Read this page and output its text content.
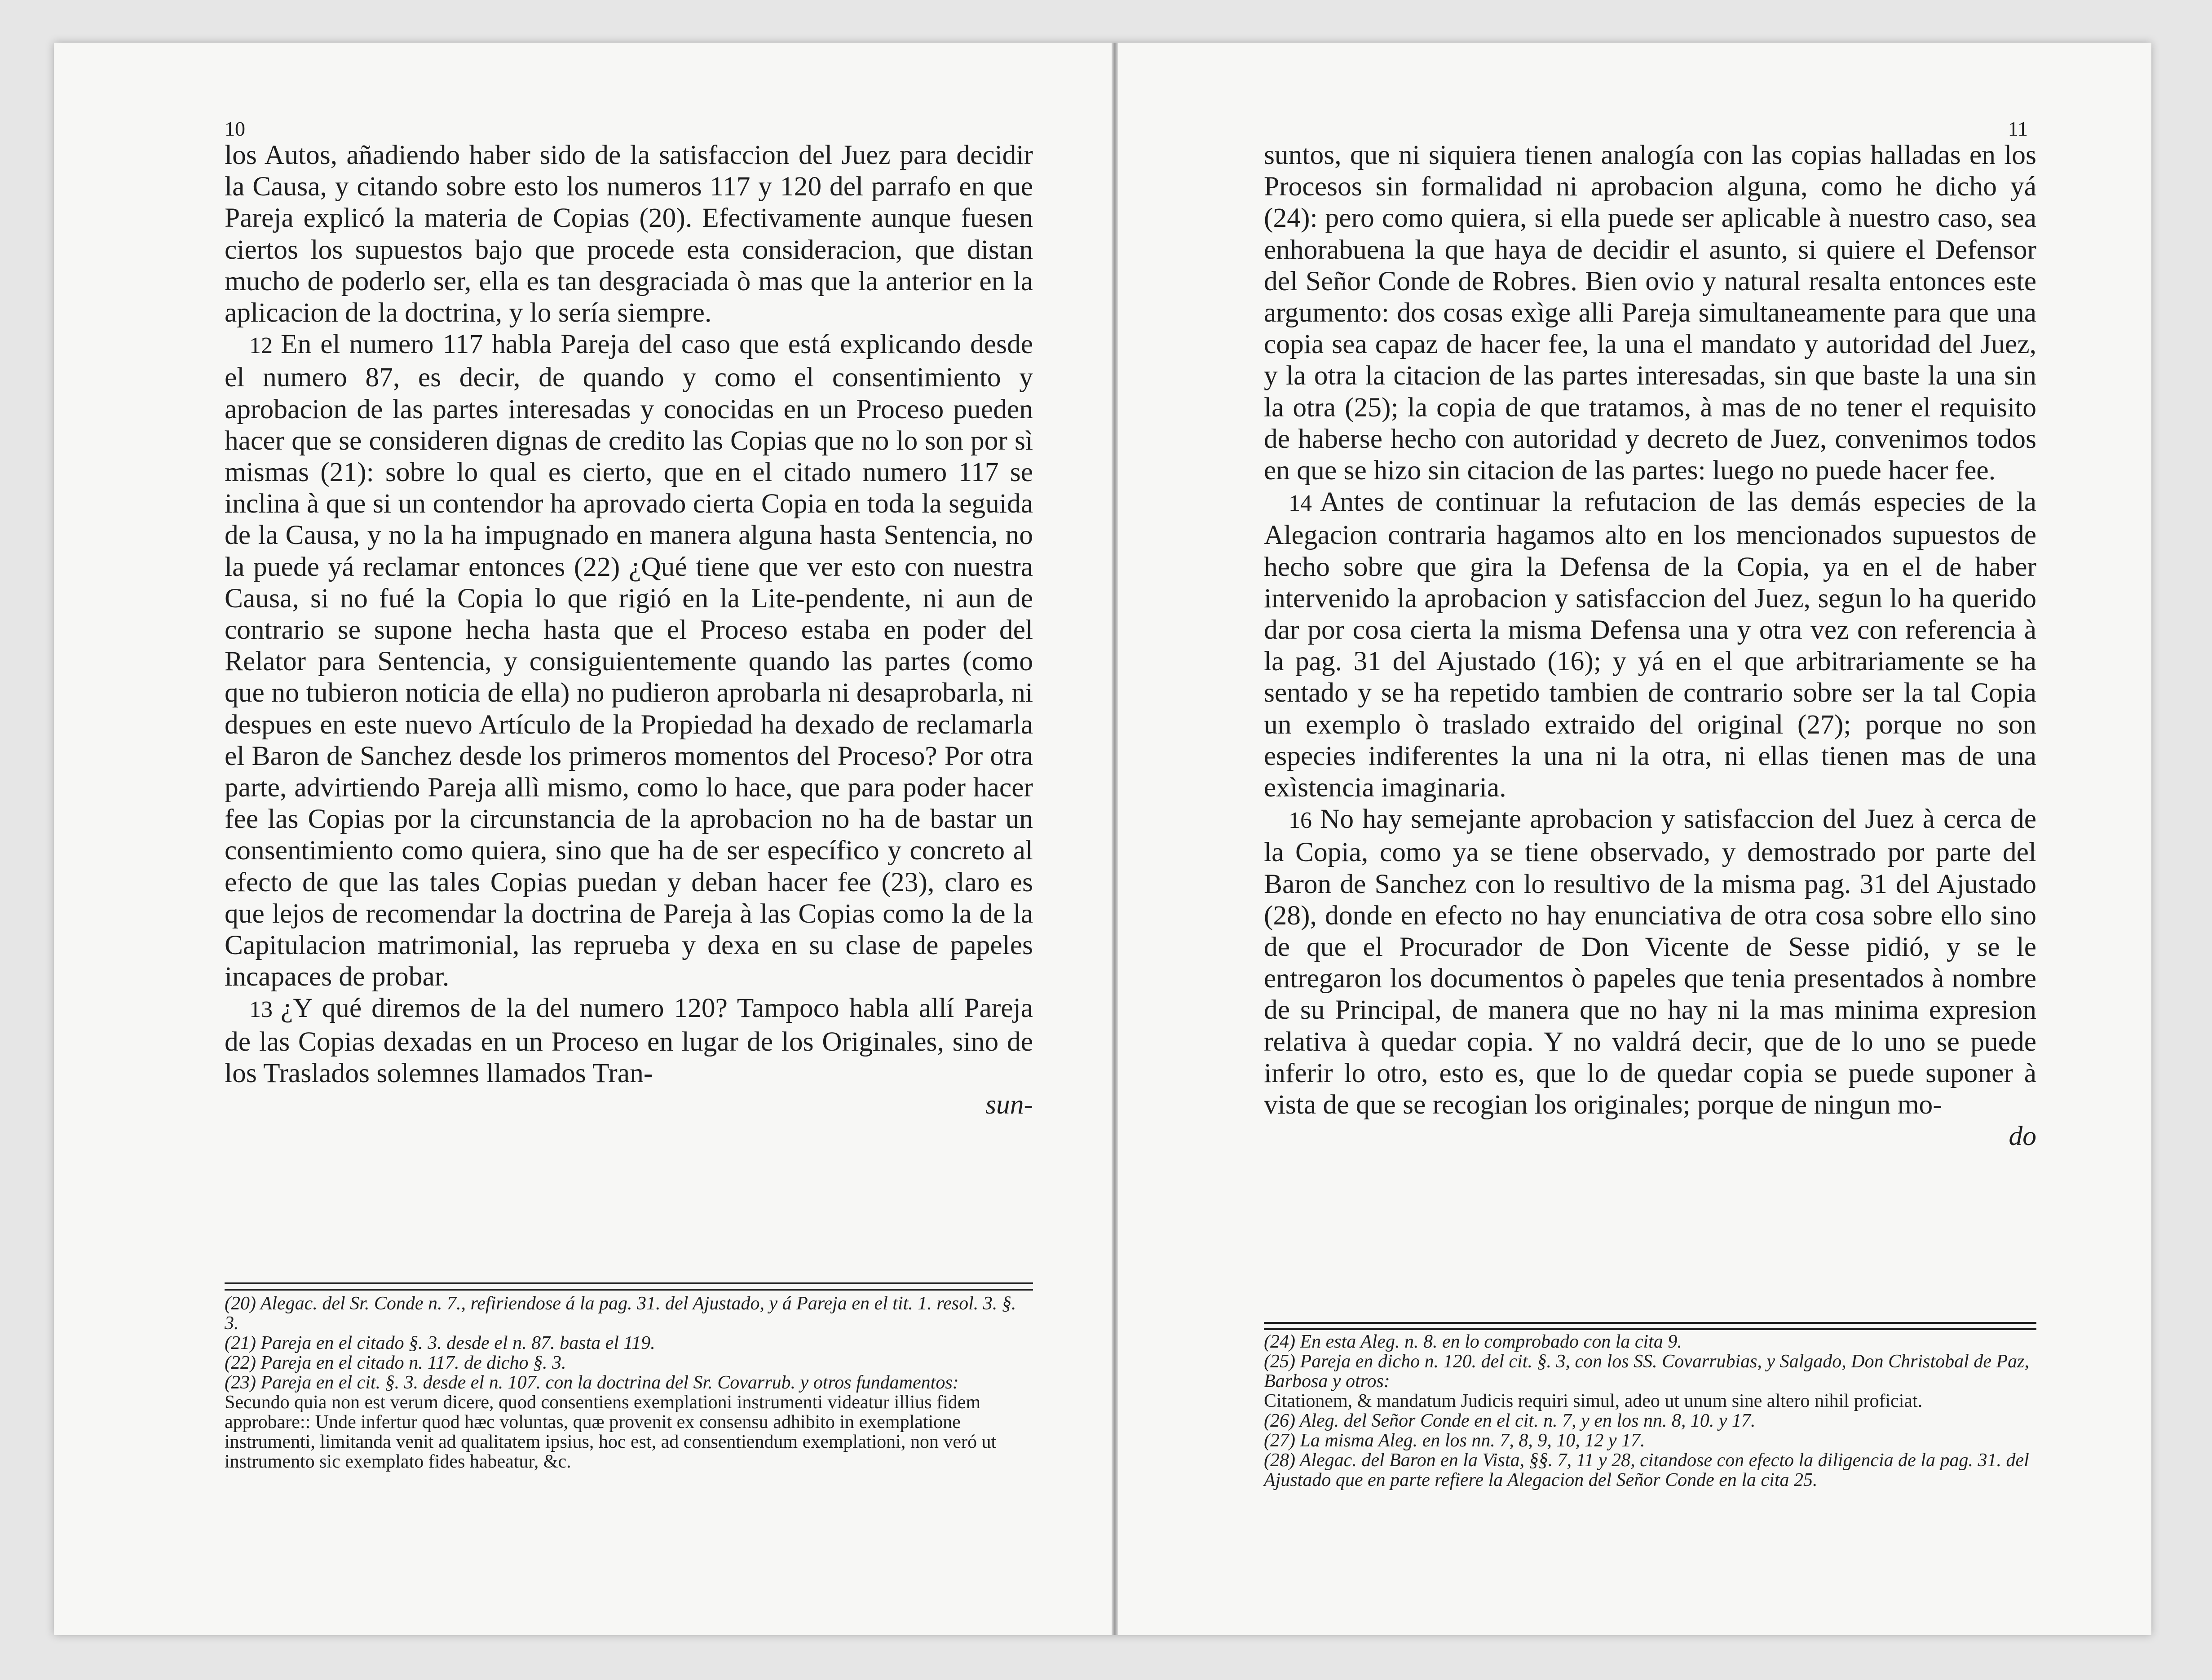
10

los Autos, añadiendo haber sido de la satisfaccion del Juez para decidir la Causa, y citando sobre esto los numeros 117 y 120 del parrafo en que Pareja explicó la materia de Copias (20). Efectivamente aunque fuesen ciertos los supuestos bajo que procede esta consideracion, que distan mucho de poderlo ser, ella es tan desgraciada ò mas que la anterior en la aplicacion de la doctrina, y lo sería siempre.

12 En el numero 117 habla Pareja del caso que está explicando desde el numero 87, es decir, de quando y como el consentimiento y aprobacion de las partes interesadas y conocidas en un Proceso pueden hacer que se consideren dignas de credito las Copias que no lo son por sì mismas (21): sobre lo qual es cierto, que en el citado numero 117 se inclina à que si un contendor ha aprovado cierta Copia en toda la seguida de la Causa, y no la ha impugnado en manera alguna hasta Sentencia, no la puede yá reclamar entonces (22) ¿Qué tiene que ver esto con nuestra Causa, si no fué la Copia lo que rigió en la Lite-pendente, ni aun de contrario se supone hecha hasta que el Proceso estaba en poder del Relator para Sentencia, y consiguientemente quando las partes (como que no tubieron noticia de ella) no pudieron aprobarla ni desaprobarla, ni despues en este nuevo Artículo de la Propiedad ha dexado de reclamarla el Baron de Sanchez desde los primeros momentos del Proceso? Por otra parte, advirtiendo Pareja allì mismo, como lo hace, que para poder hacer fee las Copias por la circunstancia de la aprobacion no ha de bastar un consentimiento como quiera, sino que ha de ser específico y concreto al efecto de que las tales Copias puedan y deban hacer fee (23), claro es que lejos de recomendar la doctrina de Pareja à las Copias como la de la Capitulacion matrimonial, las repruebа y dexa en su clase de papeles incapaces de probar.

13 ¿Y qué diremos de la del numero 120? Tampoco habla allí Pareja de las Copias dexadas en un Proceso en lugar de los Originales, sino de los Traslados solemnes llamados Tran-

sun-

(20) Alegac. del Sr. Conde n. 7., refiriendose á la pag. 31. del Ajustado, y á Pareja en el tit. 1. resol. 3. §. 3.

(21) Pareja en el citado §. 3. desde el n. 87. basta el 119.

(22) Pareja en el citado n. 117. de dicho §. 3.

(23) Pareja en el cit. §. 3. desde el n. 107. con la doctrina del Sr. Covarrub. y otros fundamentos:

Secundo quia non est verum dicere, quod consentiens exemplationi instrumenti videatur illius fidem approbare:: Unde infertur quod hæc voluntas, quæ provenit ex consensu adhibito in exemplatione instrumenti, limitanda venit ad qualitatem ipsius, hoc est, ad consentiendum exemplationi, non veró ut instrumento sic exemplato fides habeatur, &c.

11

suntos, que ni siquiera tienen analogía con las copias halladas en los Procesos sin formalidad ni aprobacion alguna, como he dicho yá (24): pero como quiera, si ella puede ser aplicable à nuestro caso, sea enhorabuena la que haya de decidir el asunto, si quiere el Defensor del Señor Conde de Robres. Bien ovio y natural resalta entonces este argumento: dos cosas exìge alli Pareja simultaneamente para que una copia sea capaz de hacer fee, la una el mandato y autoridad del Juez, y la otra la citacion de las partes interesadas, sin que baste la una sin la otra (25); la copia de que tratamos, à mas de no tener el requisito de haberse hecho con autoridad y decreto de Juez, convenimos todos en que se hizo sin citacion de las partes: luego no puede hacer fee.

14 Antes de continuar la refutacion de las demás especies de la Alegacion contraria hagamos alto en los mencionados supuestos de hecho sobre que gira la Defensa de la Copia, ya en el de haber intervenido la aprobacion y satisfaccion del Juez, segun lo ha querido dar por cosa cierta la misma Defensa una y otra vez con referencia à la pag. 31 del Ajustado (16); y yá en el que arbitrariamente se ha sentado y se ha repetido tambien de contrario sobre ser la tal Copia un exemplo ò traslado extraido del original (27); porque no son especies indiferentes la una ni la otra, ni ellas tienen mas de una exìstencia imaginaria.

16 No hay semejante aprobacion y satisfaccion del Juez à cerca de la Copia, como ya se tiene observado, y demostrado por parte del Baron de Sanchez con lo resultivo de la misma pag. 31 del Ajustado (28), donde en efecto no hay enunciativa de otra cosa sobre ello sino de que el Procurador de Don Vicente de Sesse pidió, y se le entregaron los documentos ò papeles que tenia presentados à nombre de su Principal, de manera que no hay ni la mas minima expresion relativa à quedar copia. Y no valdrá decir, que de lo uno se puede inferir lo otro, esto es, que lo de quedar copia se puede suponer à vista de que se recogian los originales; porque de ningun mo-

do

(24) En esta Aleg. n. 8. en lo comprobado con la cita 9.

(25) Pareja en dicho n. 120. del cit. §. 3, con los SS. Covarrubias, y Salgado, Don Christobal de Paz, Barbosa y otros:

Citationem, & mandatum Judicis requiri simul, adeo ut unum sine altero nihil proficiat.

(26) Aleg. del Señor Conde en el cit. n. 7, y en los nn. 8, 10. y 17.

(27) La misma Aleg. en los nn. 7, 8, 9, 10, 12 y 17.

(28) Alegac. del Baron en la Vista, §§. 7, 11 y 28, citandose con efecto la diligencia de la pag. 31. del Ajustado que en parte refiere la Alegacion del Señor Conde en la cita 25.
